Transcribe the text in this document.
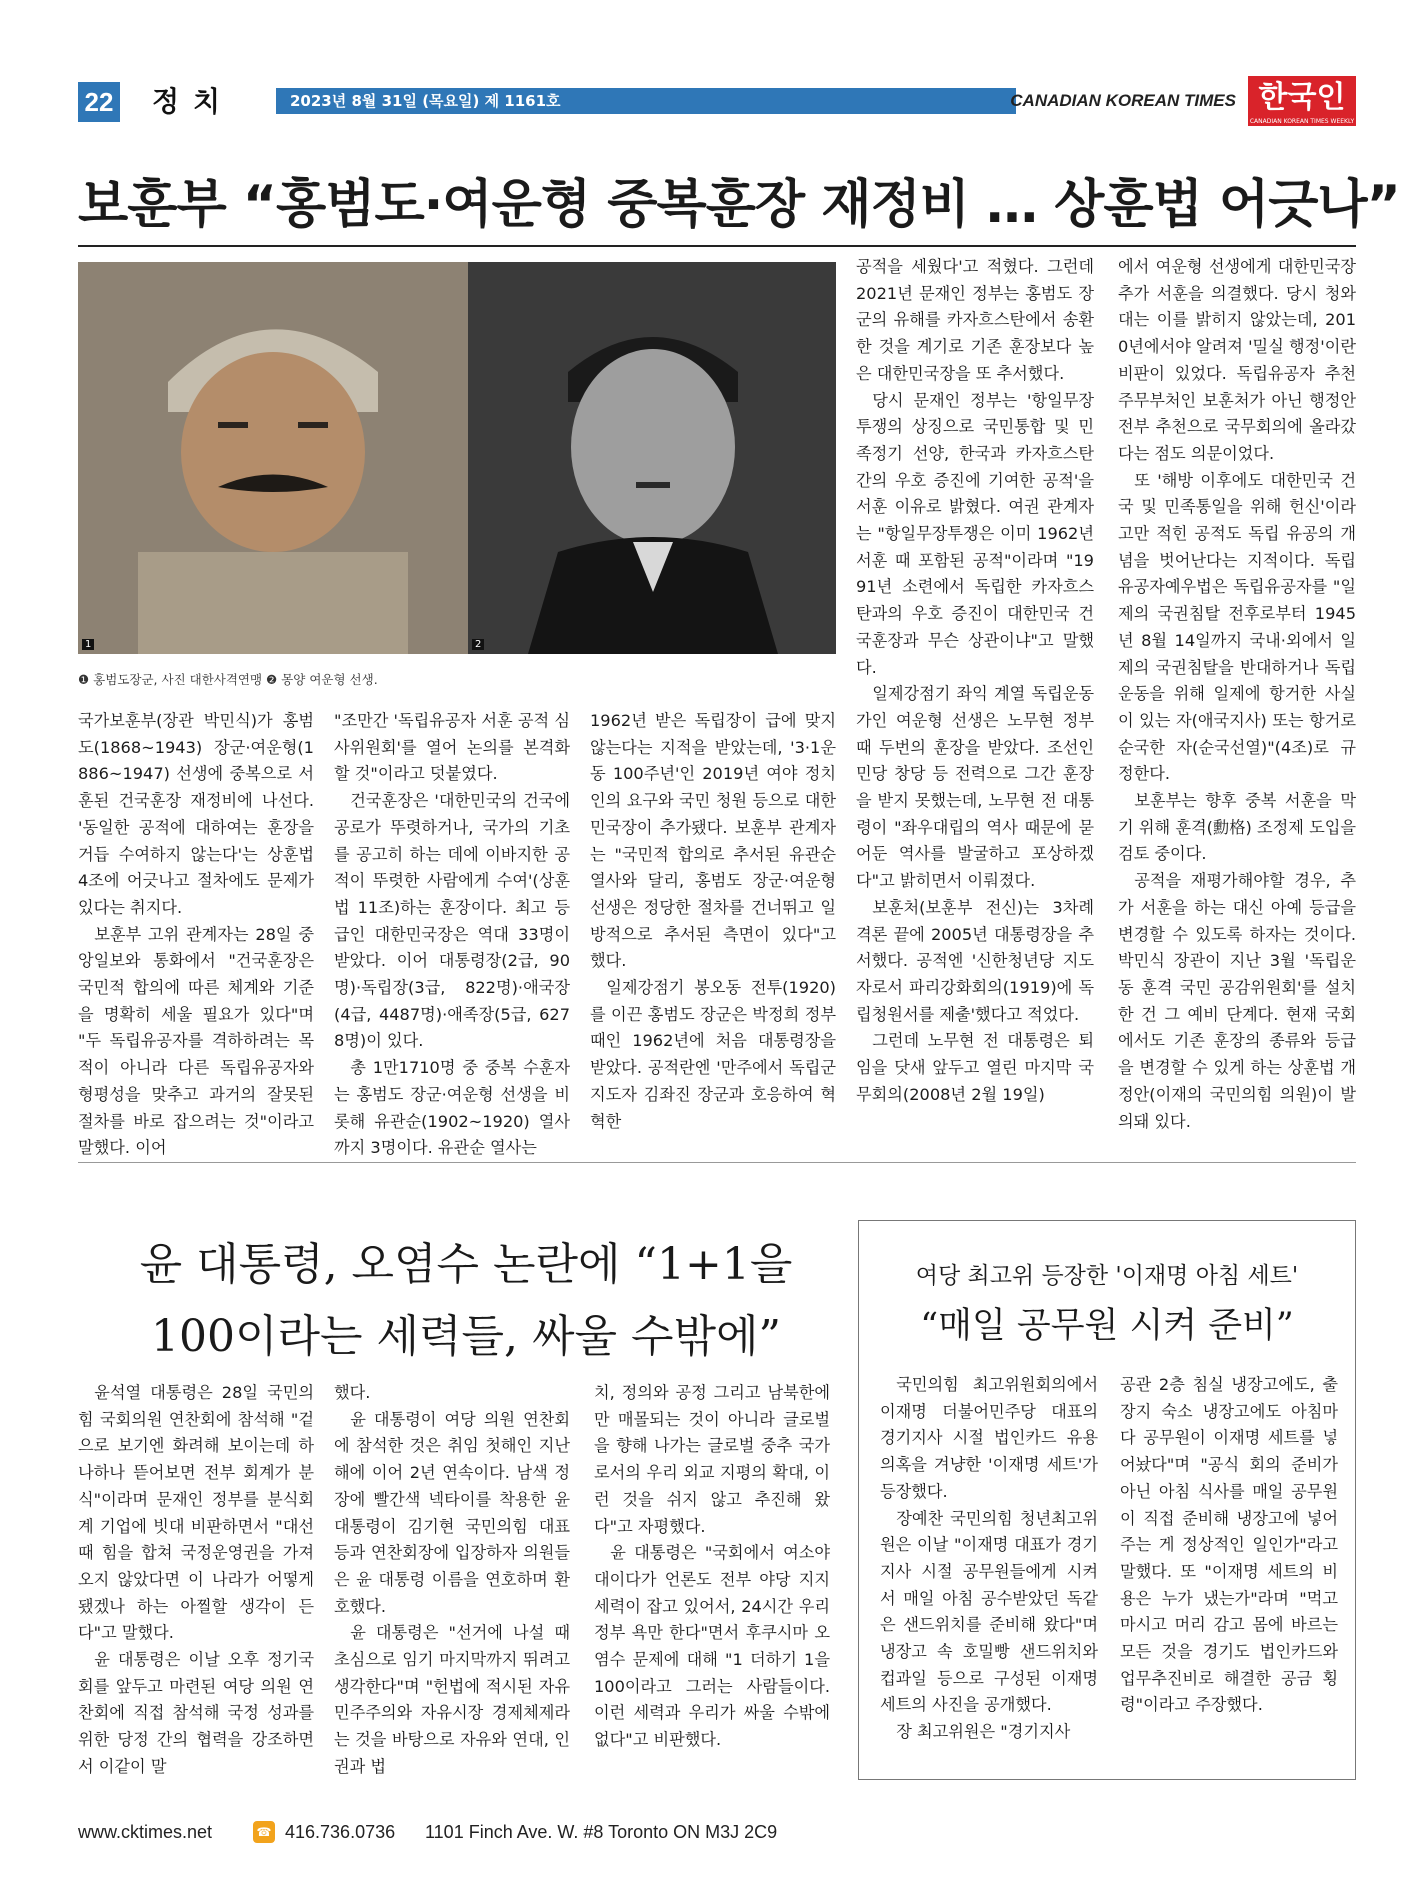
22 정치	2023년 8월 31일 (목요일) 제 1161호	CANADIAN KOREAN TIMES 한국인
CANADIAN KOREAN TIMES WEEKLY
보훈부 “홍범도·여운형 중복훈장 재정비 … 상훈법 어긋나”
1	2
❶ 홍범도장군, 사진 대한사격연맹 ❷ 몽양 여운형 선생.

국가보훈부(장관 박민식)가 홍범도(1868~1943) 장군·여운형(1886~1947) 선생에 중복으로 서훈된 건국훈장 재정비에 나선다. '동일한 공적에 대하여는 훈장을 거듭 수여하지 않는다'는 상훈법 4조에 어긋나고 절차에도 문제가 있다는 취지다.

보훈부 고위 관계자는 28일 중앙일보와 통화에서 "건국훈장은 국민적 합의에 따른 체계와 기준을 명확히 세울 필요가 있다"며 "두 독립유공자를 격하하려는 목적이 아니라 다른 독립유공자와 형평성을 맞추고 과거의 잘못된 절차를 바로 잡으려는 것"이라고 말했다. 이어

"조만간 '독립유공자 서훈 공적 심사위원회'를 열어 논의를 본격화할 것"이라고 덧붙였다.

건국훈장은 '대한민국의 건국에 공로가 뚜렷하거나, 국가의 기초를 공고히 하는 데에 이바지한 공적이 뚜렷한 사람에게 수여'(상훈법 11조)하는 훈장이다. 최고 등급인 대한민국장은 역대 33명이 받았다. 이어 대통령장(2급, 90명)·독립장(3급, 822명)·애국장(4급, 4487명)·애족장(5급, 6278명)이 있다.

총 1만1710명 중 중복 수훈자는 홍범도 장군·여운형 선생을 비롯해 유관순(1902~1920) 열사까지 3명이다. 유관순 열사는

1962년 받은 독립장이 급에 맞지 않는다는 지적을 받았는데, '3·1운동 100주년'인 2019년 여야 정치인의 요구와 국민 청원 등으로 대한민국장이 추가됐다. 보훈부 관계자는 "국민적 합의로 추서된 유관순 열사와 달리, 홍범도 장군·여운형 선생은 정당한 절차를 건너뛰고 일방적으로 추서된 측면이 있다"고 했다.

일제강점기 봉오동 전투(1920)를 이끈 홍범도 장군은 박정희 정부 때인 1962년에 처음 대통령장을 받았다. 공적란엔 '만주에서 독립군 지도자 김좌진 장군과 호응하여 혁혁한

공적을 세웠다'고 적혔다. 그런데 2021년 문재인 정부는 홍범도 장군의 유해를 카자흐스탄에서 송환한 것을 계기로 기존 훈장보다 높은 대한민국장을 또 추서했다.

당시 문재인 정부는 '항일무장투쟁의 상징으로 국민통합 및 민족정기 선양, 한국과 카자흐스탄 간의 우호 증진에 기여한 공적'을 서훈 이유로 밝혔다. 여권 관계자는 "항일무장투쟁은 이미 1962년 서훈 때 포함된 공적"이라며 "1991년 소련에서 독립한 카자흐스탄과의 우호 증진이 대한민국 건국훈장과 무슨 상관이냐"고 말했다.

일제강점기 좌익 계열 독립운동가인 여운형 선생은 노무현 정부 때 두번의 훈장을 받았다. 조선인민당 창당 등 전력으로 그간 훈장을 받지 못했는데, 노무현 전 대통령이 "좌우대립의 역사 때문에 묻어둔 역사를 발굴하고 포상하겠다"고 밝히면서 이뤄졌다.

보훈처(보훈부 전신)는 3차례 격론 끝에 2005년 대통령장을 추서했다. 공적엔 '신한청년당 지도자로서 파리강화회의(1919)에 독립청원서를 제출'했다고 적었다.

그런데 노무현 전 대통령은 퇴임을 닷새 앞두고 열린 마지막 국무회의(2008년 2월 19일)

에서 여운형 선생에게 대한민국장 추가 서훈을 의결했다. 당시 청와대는 이를 밝히지 않았는데, 2010년에서야 알려져 '밀실 행정'이란 비판이 있었다. 독립유공자 추천 주무부처인 보훈처가 아닌 행정안전부 추천으로 국무회의에 올라갔다는 점도 의문이었다.

또 '해방 이후에도 대한민국 건국 및 민족통일을 위해 헌신'이라고만 적힌 공적도 독립 유공의 개념을 벗어난다는 지적이다. 독립유공자예우법은 독립유공자를 "일제의 국권침탈 전후로부터 1945년 8월 14일까지 국내·외에서 일제의 국권침탈을 반대하거나 독립운동을 위해 일제에 항거한 사실이 있는 자(애국지사) 또는 항거로 순국한 자(순국선열)"(4조)로 규정한다.

보훈부는 향후 중복 서훈을 막기 위해 훈격(勳格) 조정제 도입을 검토 중이다.

공적을 재평가해야할 경우, 추가 서훈을 하는 대신 아예 등급을 변경할 수 있도록 하자는 것이다. 박민식 장관이 지난 3월 '독립운동 훈격 국민 공감위원회'를 설치한 건 그 예비 단계다. 현재 국회에서도 기존 훈장의 종류와 등급을 변경할 수 있게 하는 상훈법 개정안(이재의 국민의힘 의원)이 발의돼 있다.

윤 대통령, 오염수 논란에 “1+1을
100이라는 세력들, 싸울 수밖에”

윤석열 대통령은 28일 국민의힘 국회의원 연찬회에 참석해 "겉으로 보기엔 화려해 보이는데 하나하나 뜯어보면 전부 회계가 분식"이라며 문재인 정부를 분식회계 기업에 빗대 비판하면서 "대선 때 힘을 합쳐 국정운영권을 가져오지 않았다면 이 나라가 어떻게 됐겠나 하는 아찔할 생각이 든다"고 말했다.

윤 대통령은 이날 오후 정기국회를 앞두고 마련된 여당 의원 연찬회에 직접 참석해 국정 성과를 위한 당정 간의 협력을 강조하면서 이같이 말

했다.

윤 대통령이 여당 의원 연찬회에 참석한 것은 취임 첫해인 지난해에 이어 2년 연속이다. 남색 정장에 빨간색 넥타이를 착용한 윤 대통령이 김기현 국민의힘 대표 등과 연찬회장에 입장하자 의원들은 윤 대통령 이름을 연호하며 환호했다.

윤 대통령은 "선거에 나설 때 초심으로 임기 마지막까지 뛰려고 생각한다"며 "헌법에 적시된 자유민주주의와 자유시장 경제체제라는 것을 바탕으로 자유와 연대, 인권과 법

치, 정의와 공정 그리고 남북한에만 매몰되는 것이 아니라 글로벌을 향해 나가는 글로벌 중추 국가로서의 우리 외교 지평의 확대, 이런 것을 쉬지 않고 추진해 왔다"고 자평했다.

윤 대통령은 "국회에서 여소야대이다가 언론도 전부 야당 지지세력이 잡고 있어서, 24시간 우리 정부 욕만 한다"면서 후쿠시마 오염수 문제에 대해 "1 더하기 1을 100이라고 그러는 사람들이다. 이런 세력과 우리가 싸울 수밖에 없다"고 비판했다.

여당 최고위 등장한 '이재명 아침 세트'
“매일 공무원 시켜 준비”

국민의힘 최고위원회의에서 이재명 더불어민주당 대표의 경기지사 시절 법인카드 유용 의혹을 겨냥한 '이재명 세트'가 등장했다.

장예찬 국민의힘 청년최고위원은 이날 "이재명 대표가 경기지사 시절 공무원들에게 시켜서 매일 아침 공수받았던 독같은 샌드위치를 준비해 왔다"며 냉장고 속 호밀빵 샌드위치와 컵과일 등으로 구성된 이재명 세트의 사진을 공개했다.

장 최고위원은 "경기지사

공관 2층 침실 냉장고에도, 출장지 숙소 냉장고에도 아침마다 공무원이 이재명 세트를 넣어놨다"며 "공식 회의 준비가 아닌 아침 식사를 매일 공무원이 직접 준비해 냉장고에 넣어주는 게 정상적인 일인가"라고 말했다. 또 "이재명 세트의 비용은 누가 냈는가"라며 "먹고 마시고 머리 감고 몸에 바르는 모든 것을 경기도 법인카드와 업무추진비로 해결한 공금 횡령"이라고 주장했다.

www.cktimes.net	☎ 416.736.0736 1101 Finch Ave. W. #8 Toronto ON M3J 2C9
